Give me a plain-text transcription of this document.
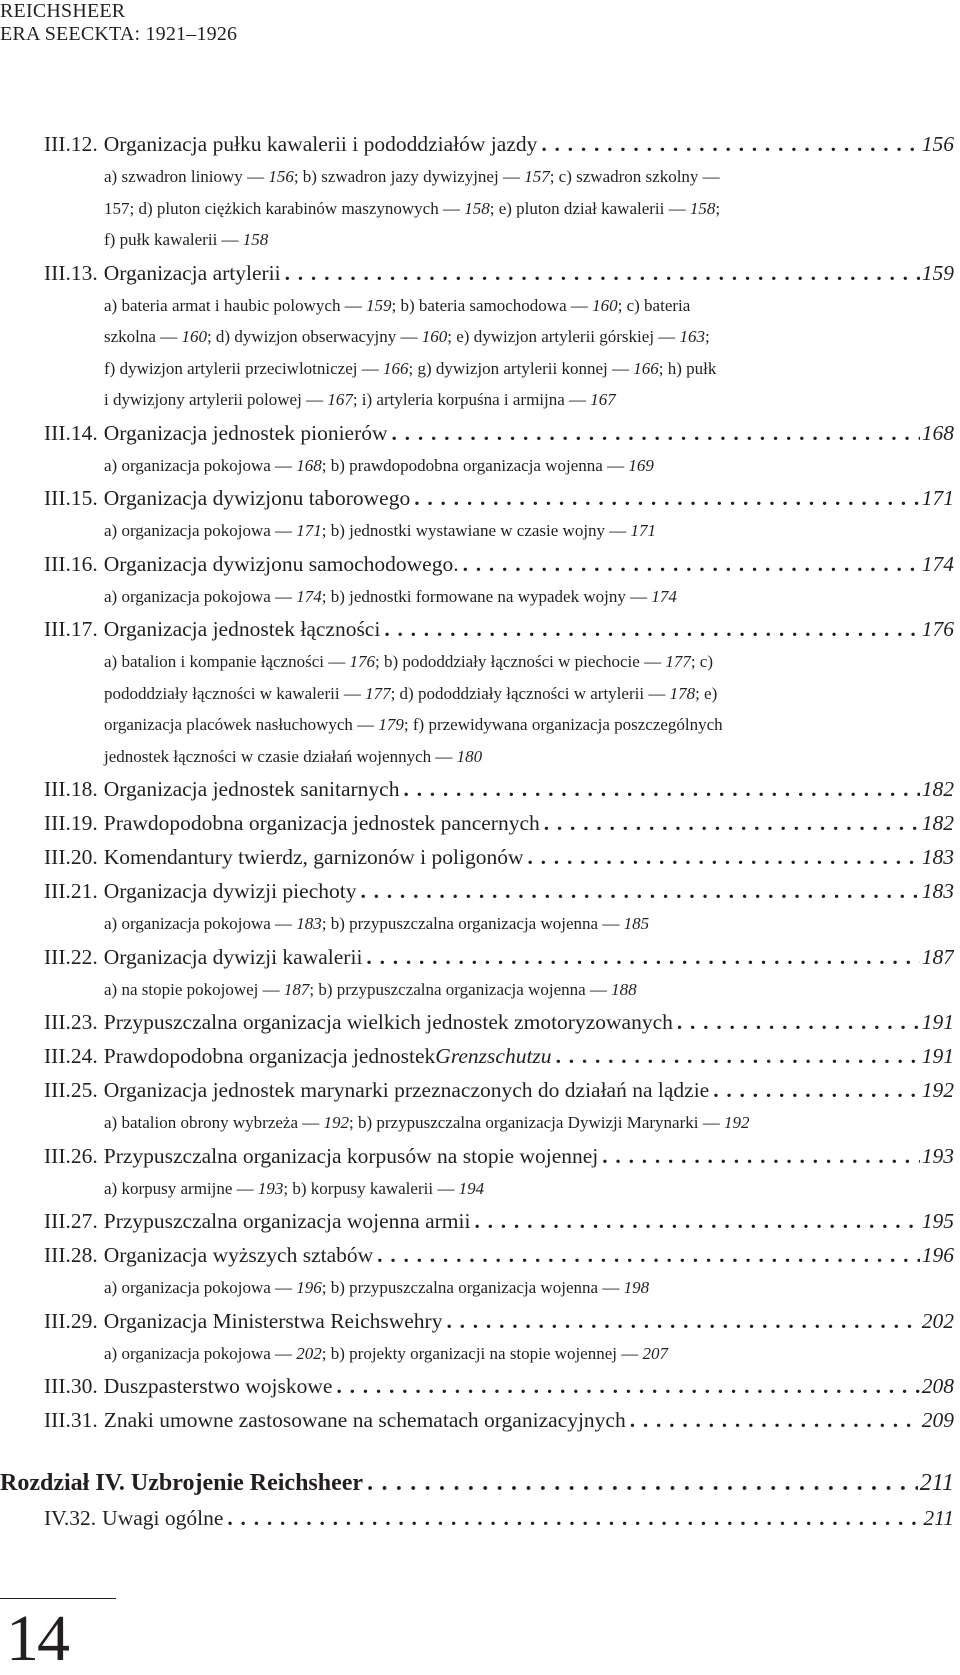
REICHSHEER
ERA SEECKTA: 1921–1926
III.12. Organizacja pułku kawalerii i pododdziałów jazdy . . .	156
a) szwadron liniowy — 156; b) szwadron jazy dywizyjnej — 157; c) szwadron szkolny —
157; d) pluton ciężkich karabinów maszynowych — 158; e) pluton dział kawalerii — 158;
f) pułk kawalerii — 158
III.13. Organizacja artylerii . . .	159
a) bateria armat i haubic polowych — 159; b) bateria samochodowa — 160; c) bateria
szkolna — 160; d) dywizjon obserwacyjny — 160; e) dywizjon artylerii górskiej — 163;
f) dywizjon artylerii przeciwlotniczej — 166; g) dywizjon artylerii konnej — 166; h) pułk
i dywizjony artylerii polowej — 167; i) artyleria korpuśna i armijna — 167
III.14. Organizacja jednostek pionierów . . .	168
a) organizacja pokojowa — 168; b) prawdopodobna organizacja wojenna — 169
III.15. Organizacja dywizjonu taborowego . . .	171
a) organizacja pokojowa — 171; b) jednostki wystawiane w czasie wojny — 171
III.16. Organizacja dywizjonu samochodowego. . . .	174
a) organizacja pokojowa — 174; b) jednostki formowane na wypadek wojny — 174
III.17. Organizacja jednostek łączności . . .	176
a) batalion i kompanie łączności — 176; b) pododdziały łączności w piechocie — 177; c)
pododdziały łączności w kawalerii — 177; d) pododdziały łączności w artylerii — 178; e)
organizacja placówek nasłuchowych — 179; f) przewidywana organizacja poszczególnych
jednostek łączności w czasie działań wojennych — 180
III.18. Organizacja jednostek sanitarnych . . .	182
III.19. Prawdopodobna organizacja jednostek pancernych . . .	182
III.20. Komendantury twierdz, garnizonów i poligonów . . .	183
III.21. Organizacja dywizji piechoty . . .	183
a) organizacja pokojowa — 183; b) przypuszczalna organizacja wojenna — 185
III.22. Organizacja dywizji kawalerii . . .	187
a) na stopie pokojowej — 187; b) przypuszczalna organizacja wojenna — 188
III.23. Przypuszczalna organizacja wielkich jednostek zmotoryzowanych . . .	191
III.24. Prawdopodobna organizacja jednostek Grenzschutzu . . .	191
III.25. Organizacja jednostek marynarki przeznaczonych do działań na lądzie . . .	192
a) batalion obrony wybrzeża — 192; b) przypuszczalna organizacja Dywizji Marynarki — 192
III.26. Przypuszczalna organizacja korpusów na stopie wojennej . . .	193
a) korpusy armijne — 193; b) korpusy kawalerii — 194
III.27. Przypuszczalna organizacja wojenna armii . . .	195
III.28. Organizacja wyższych sztabów . . .	196
a) organizacja pokojowa — 196; b) przypuszczalna organizacja wojenna — 198
III.29. Organizacja Ministerstwa Reichswehry . . .	202
a) organizacja pokojowa — 202; b) projekty organizacji na stopie wojennej — 207
III.30. Duszpasterstwo wojskowe . . .	208
III.31. Znaki umowne zastosowane na schematach organizacyjnych . . .	209
Rozdział IV. Uzbrojenie Reichsheer . . .	211
IV.32. Uwagi ogólne . . .	211
14
